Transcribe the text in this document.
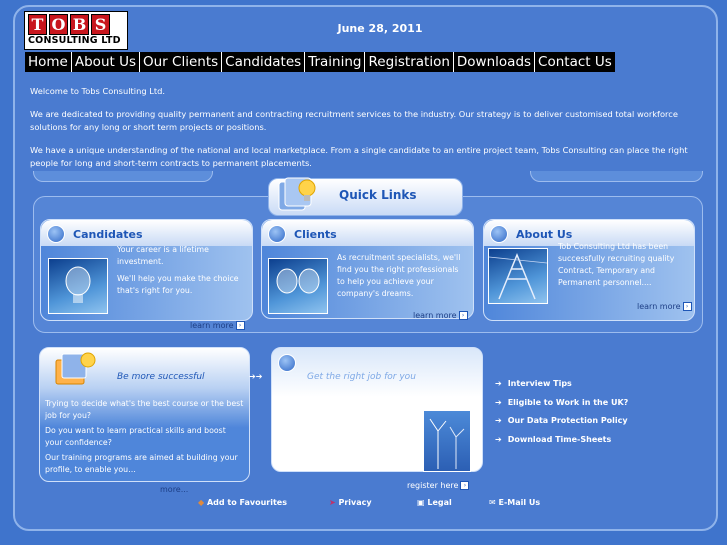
T O B S
CONSULTING LTD
June 28, 2011
Home About Us Our Clients Candidates Training Registration Downloads Contact Us

Welcome to Tobs Consulting Ltd.

We are dedicated to providing quality permanent and contracting recruitment services to the industry. Our strategy is to deliver customised total workforce solutions for any long or short term projects or positions.

We have a unique understanding of the national and local marketplace. From a single candidate to an entire project team, Tobs Consulting can place the right people for long and short-term contracts to permanent placements.

Quick Links
Candidates
Your career is a lifetime investment.
We'll help you make the choice that's right for you.
learn more ›
Clients
As recruitment specialists, we'll find you the right professionals to help you achieve your company's dreams.
learn more ›
About Us
Tob Consulting Ltd has been successfully recruiting quality Contract, Temporary and Permanent personnel....
learn more ›
Be more successful
Trying to decide what's the best course or the best job for you?
Do you want to learn practical skills and boost your confidence?
Our training programs are aimed at building your profile, to enable you…
more...
➔➔	Get the right job for you
Register Now… Submit your CV using our online user friendly registration page.
Your CV will be added to our database today…
register here ›
➔ Interview Tips
➔ Eligible to Work in the UK?
➔ Our Data Protection Policy
➔ Download Time-Sheets
◆ Add to Favourites	➤ Privacy	▣ Legal	✉ E-Mail Us
